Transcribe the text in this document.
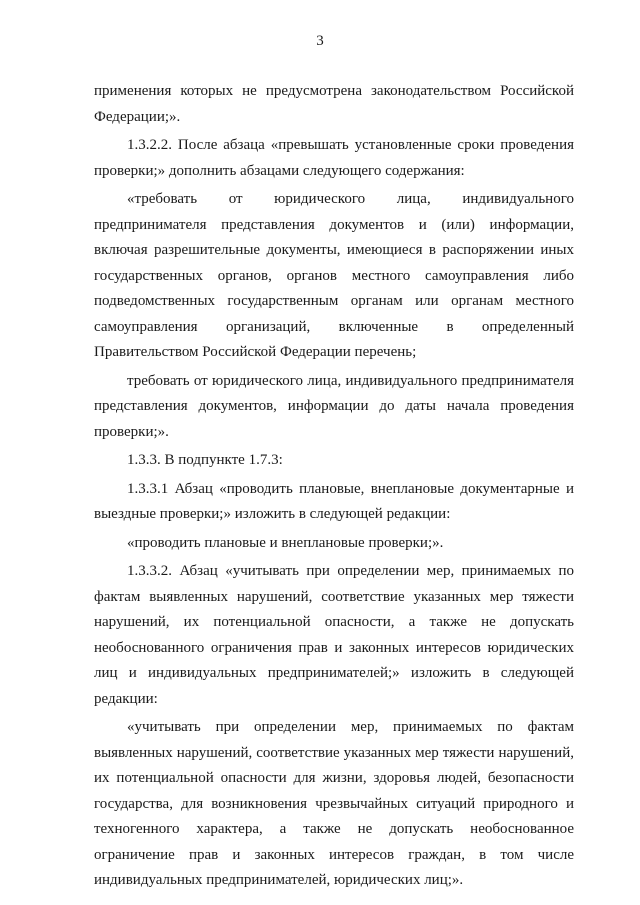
3

применения которых не предусмотрена законодательством Российской Федерации;».

1.3.2.2. После абзаца «превышать установленные сроки проведения проверки;» дополнить абзацами следующего содержания:

«требовать от юридического лица, индивидуального предпринимателя представления документов и (или) информации, включая разрешительные документы, имеющиеся в распоряжении иных государственных органов, органов местного самоуправления либо подведомственных государственным органам или органам местного самоуправления организаций, включенные в определенный Правительством Российской Федерации перечень;

требовать от юридического лица, индивидуального предпринимателя представления документов, информации до даты начала проведения проверки;».

1.3.3. В подпункте 1.7.3:

1.3.3.1 Абзац «проводить плановые, внеплановые документарные и выездные проверки;» изложить в следующей редакции:

«проводить плановые и внеплановые проверки;».

1.3.3.2. Абзац «учитывать при определении мер, принимаемых по фактам выявленных нарушений, соответствие указанных мер тяжести нарушений, их потенциальной опасности, а также не допускать необоснованного ограничения прав и законных интересов юридических лиц и индивидуальных предпринимателей;» изложить в следующей редакции:

«учитывать при определении мер, принимаемых по фактам выявленных нарушений, соответствие указанных мер тяжести нарушений, их потенциальной опасности для жизни, здоровья людей, безопасности государства, для возникновения чрезвычайных ситуаций природного и техногенного характера, а также не допускать необоснованное ограничение прав и законных интересов граждан, в том числе индивидуальных предпринимателей, юридических лиц;».
